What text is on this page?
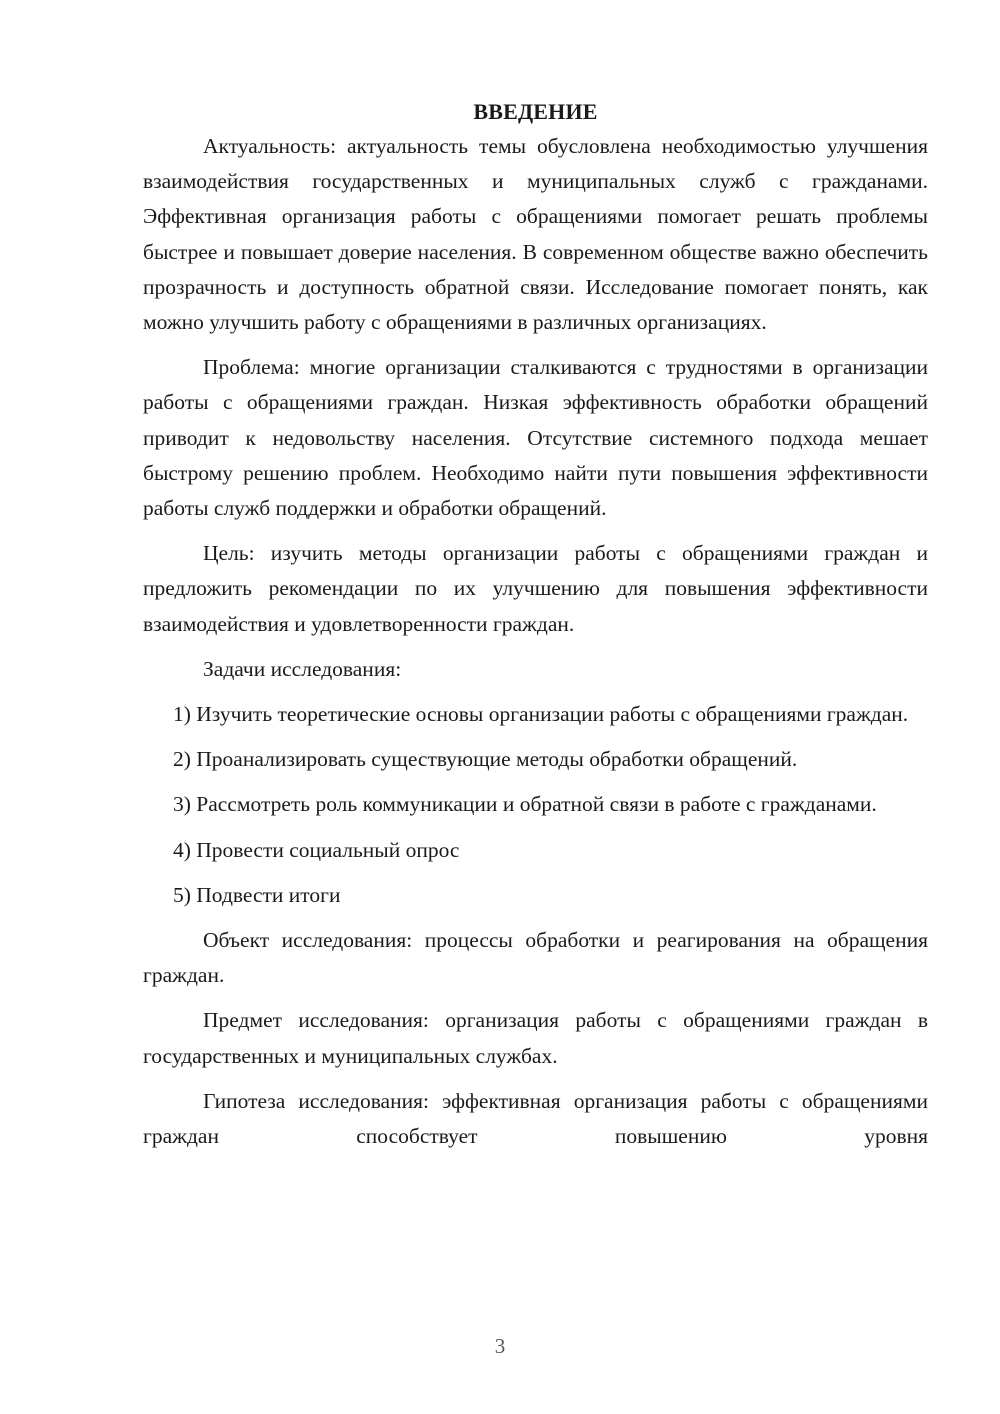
ВВЕДЕНИЕ

Актуальность: актуальность темы обусловлена необходимостью улучшения взаимодействия государственных и муниципальных служб с гражданами. Эффективная организация работы с обращениями помогает решать проблемы быстрее и повышает доверие населения. В современном обществе важно обеспечить прозрачность и доступность обратной связи. Исследование помогает понять, как можно улучшить работу с обращениями в различных организациях.

Проблема: многие организации сталкиваются с трудностями в организации работы с обращениями граждан. Низкая эффективность обработки обращений приводит к недовольству населения. Отсутствие системного подхода мешает быстрому решению проблем. Необходимо найти пути повышения эффективности работы служб поддержки и обработки обращений.

Цель: изучить методы организации работы с обращениями граждан и предложить рекомендации по их улучшению для повышения эффективности взаимодействия и удовлетворенности граждан.

Задачи исследования:

1) Изучить теоретические основы организации работы с обращениями граждан.

2) Проанализировать существующие методы обработки обращений.

3) Рассмотреть роль коммуникации и обратной связи в работе с гражданами.

4) Провести социальный опрос

5) Подвести итоги

Объект исследования: процессы обработки и реагирования на обращения граждан.

Предмет исследования: организация работы с обращениями граждан в государственных и муниципальных службах.

Гипотеза исследования: эффективная организация работы с обращениями граждан способствует повышению уровня

3
